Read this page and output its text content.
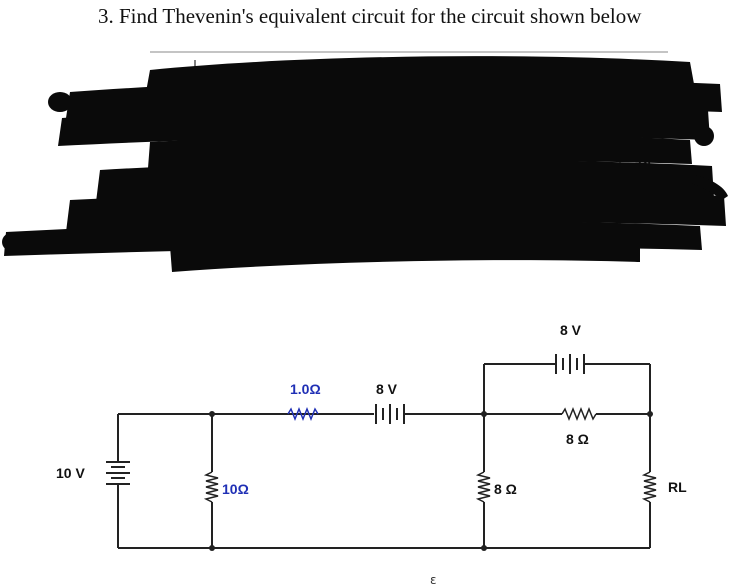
3. Find Thevenin's equivalent circuit for the circuit shown below
10 V
10Ω
1.0Ω	8 V
8 V
8 Ω
8 Ω	RL
ε
